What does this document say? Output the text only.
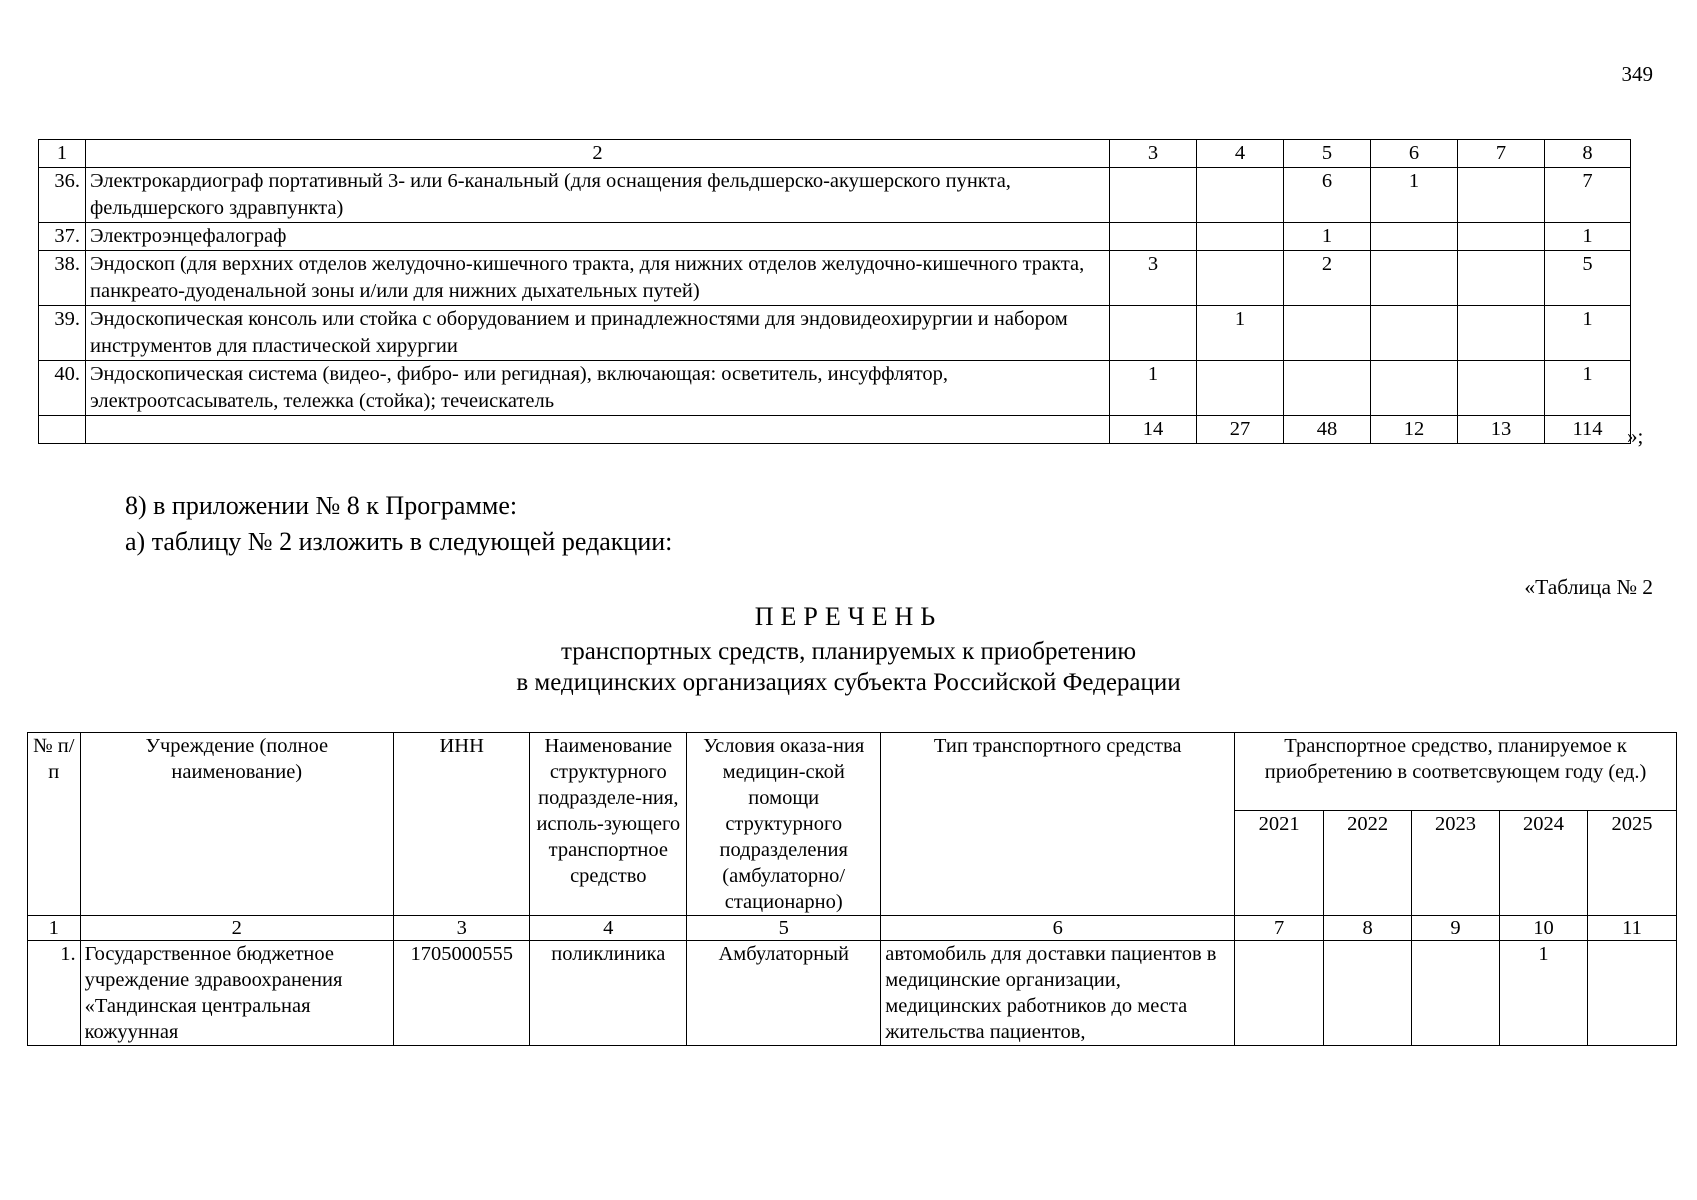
349
1	2	3	4	5	6	7	8
36.	Электрокардиограф портативный 3- или 6-канальный (для оснащения фельдшерско-акушерского пункта, фельдшерского здравпункта)			6	1		7
37.	Электроэнцефалограф			1			1
38.	Эндоскоп (для верхних отделов желудочно-кишечного тракта, для нижних отделов желудочно-кишечного тракта, панкреато-дуоденальной зоны и/или для нижних дыхательных путей)	3		2			5
39.	Эндоскопическая консоль или стойка с оборудованием и принадлежностями для эндовидеохирургии и набором инструментов для пластической хирургии		1				1
40.	Эндоскопическая система (видео-, фибро- или регидная), включающая: осветитель, инсуффлятор, электроотсасыватель, тележка (стойка); течеискатель	1					1
		14	27	48	12	13	114 »;
8) в приложении № 8 к Программе:
а) таблицу № 2 изложить в следующей редакции:
«Таблица № 2
ПЕРЕЧЕНЬ
транспортных средств, планируемых к приобретению
в медицинских организациях субъекта Российской Федерации
№ п/п	Учреждение (полное наименование)	ИНН	Наименование структурного подразделе-ния, исполь-зующего транспортное средство	Условия оказа-ния медицин-ской помощи структурного подразделения (амбулаторно/ стационарно)	Тип транспортного средства	Транспортное средство, планируемое к приобретению в соответсвующем году (ед.)				
						2021	2022	2023	2024	2025
1	2	3	4	5	6	7	8	9	10	11
1.	Государственное бюджетное учреждение здравоохранения «Тандинская центральная кожуунная	1705000555	поликлиника	Амбулаторный	автомобиль для доставки пациентов в медицинские организации, медицинских работников до места жительства пациентов,				1	
